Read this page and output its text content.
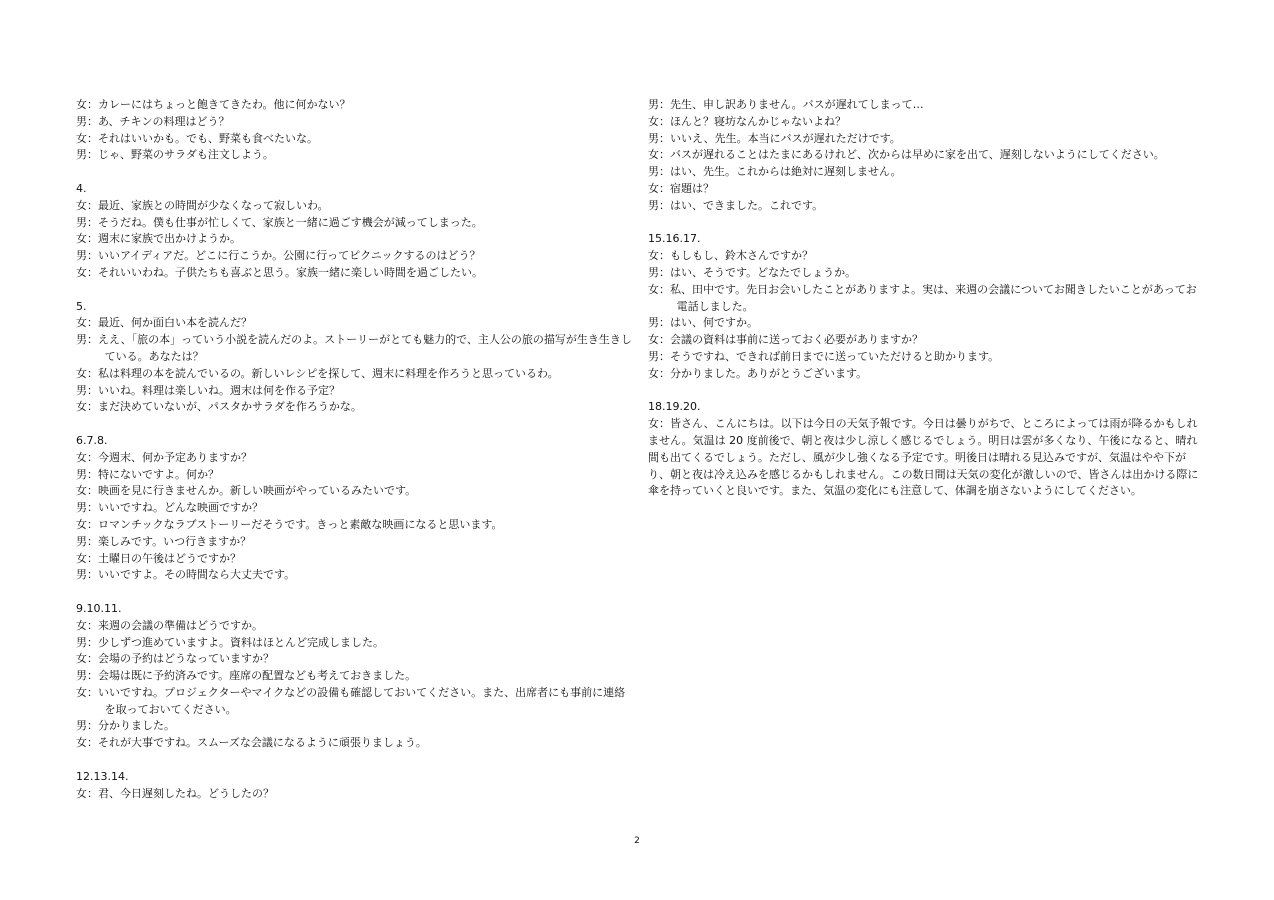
女：カレーにはちょっと飽きてきたわ。他に何かない？
男：あ、チキンの料理はどう？
女：それはいいかも。でも、野菜も食べたいな。
男：じゃ、野菜のサラダも注文しよう。
4.
女：最近、家族との時間が少なくなって寂しいわ。
男：そうだね。僕も仕事が忙しくて、家族と一緒に過ごす機会が減ってしまった。
女：週末に家族で出かけようか。
男：いいアイディアだ。どこに行こうか。公園に行ってピクニックするのはどう？
女：それいいわね。子供たちも喜ぶと思う。家族一緒に楽しい時間を過ごしたい。
5.
女：最近、何か面白い本を読んだ？
男：ええ、「旅の本」っていう小説を読んだのよ。ストーリーがとても魅力的で、主人公の旅の描写が生き生きしている。あなたは？
女：私は料理の本を読んでいるの。新しいレシピを探して、週末に料理を作ろうと思っているわ。
男：いいね。料理は楽しいね。週末は何を作る予定？
女：まだ決めていないが、パスタかサラダを作ろうかな。
6.7.8.
女：今週末、何か予定ありますか？
男：特にないですよ。何か？
女：映画を見に行きませんか。新しい映画がやっているみたいです。
男：いいですね。どんな映画ですか？
女：ロマンチックなラブストーリーだそうです。きっと素敵な映画になると思います。
男：楽しみです。いつ行きますか？
女：土曜日の午後はどうですか？
男：いいですよ。その時間なら大丈夫です。
9.10.11.
女：来週の会議の準備はどうですか。
男：少しずつ進めていますよ。資料はほとんど完成しました。
女：会場の予約はどうなっていますか？
男：会場は既に予約済みです。座席の配置なども考えておきました。
女：いいですね。プロジェクターやマイクなどの設備も確認しておいてください。また、出席者にも事前に連絡を取っておいてください。
男：分かりました。
女：それが大事ですね。スムーズな会議になるように頑張りましょう。
12.13.14.
女：君、今日遅刻したね。どうしたの？
男：先生、申し訳ありません。バスが遅れてしまって…
女：ほんと？寝坊なんかじゃないよね？
男：いいえ、先生。本当にバスが遅れただけです。
女：バスが遅れることはたまにあるけれど、次からは早めに家を出て、遅刻しないようにしてください。
男：はい、先生。これからは絶対に遅刻しません。
女：宿題は？
男：はい、できました。これです。
15.16.17.
女：もしもし、鈴木さんですか？
男：はい、そうです。どなたでしょうか。
女：私、田中です。先日お会いしたことがありますよ。実は、来週の会議についてお聞きしたいことがあってお電話しました。
男：はい、何ですか。
女：会議の資料は事前に送っておく必要がありますか？
男：そうですね、できれば前日までに送っていただけると助かります。
女：分かりました。ありがとうございます。
18.19.20.
女：皆さん、こんにちは。以下は今日の天気予報です。今日は曇りがちで、ところによっては雨が降るかもしれません。気温は 20 度前後で、朝と夜は少し涼しく感じるでしょう。明日は雲が多くなり、午後になると、晴れ間も出てくるでしょう。ただし、風が少し強くなる予定です。明後日は晴れる見込みですが、気温はやや下がり、朝と夜は冷え込みを感じるかもしれません。この数日間は天気の変化が激しいので、皆さんは出かける際に傘を持っていくと良いです。また、気温の変化にも注意して、体調を崩さないようにしてください。
2
